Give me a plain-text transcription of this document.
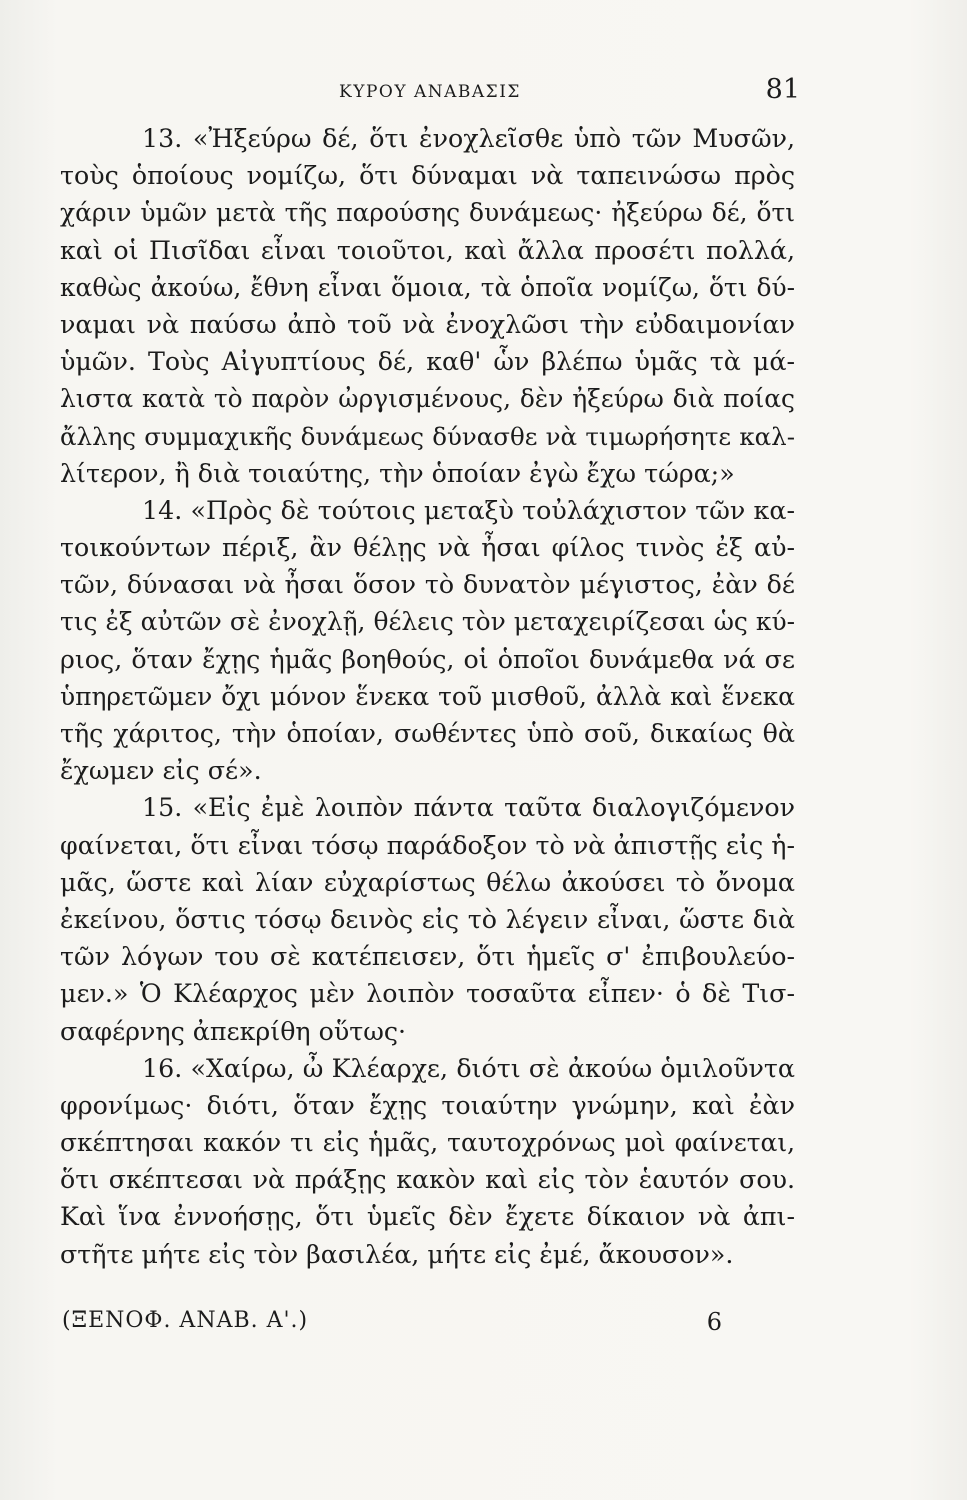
ΚΥΡΟΥ ΑΝΑΒΑΣΙΣ	81
13. «Ἠξεύρω δέ, ὅτι ἐνοχλεῖσθε ὑπὸ τῶν Μυσῶν,
τοὺς ὁποίους νομίζω, ὅτι δύναμαι νὰ ταπεινώσω πρὸς
χάριν ὑμῶν μετὰ τῆς παρούσης δυνάμεως· ἠξεύρω δέ, ὅτι
καὶ οἱ Πισῖδαι εἶναι τοιοῦτοι, καὶ ἄλλα προσέτι πολλά,
καθὼς ἀκούω, ἔθνη εἶναι ὅμοια, τὰ ὁποῖα νομίζω, ὅτι δύ-
ναμαι νὰ παύσω ἀπὸ τοῦ νὰ ἐνοχλῶσι τὴν εὐδαιμονίαν
ὑμῶν. Τοὺς Αἰγυπτίους δέ, καθ' ὧν βλέπω ὑμᾶς τὰ μά-
λιστα κατὰ τὸ παρὸν ὠργισμένους, δὲν ἠξεύρω διὰ ποίας
ἄλλης συμμαχικῆς δυνάμεως δύνασθε νὰ τιμωρήσητε καλ-
λίτερον, ἢ διὰ τοιαύτης, τὴν ὁποίαν ἐγὼ ἔχω τώρα;»
14. «Πρὸς δὲ τούτοις μεταξὺ τοὐλάχιστον τῶν κα-
τοικούντων πέριξ, ἂν θέλῃς νὰ ἦσαι φίλος τινὸς ἐξ αὐ-
τῶν, δύνασαι νὰ ἦσαι ὅσον τὸ δυνατὸν μέγιστος, ἐὰν δέ
τις ἐξ αὐτῶν σὲ ἐνοχλῇ, θέλεις τὸν μεταχειρίζεσαι ὡς κύ-
ριος, ὅταν ἔχῃς ἡμᾶς βοηθούς, οἱ ὁποῖοι δυνάμεθα νά σε
ὑπηρετῶμεν ὄχι μόνον ἕνεκα τοῦ μισθοῦ, ἀλλὰ καὶ ἕνεκα
τῆς χάριτος, τὴν ὁποίαν, σωθέντες ὑπὸ σοῦ, δικαίως θὰ
ἔχωμεν εἰς σέ».
15. «Εἰς ἐμὲ λοιπὸν πάντα ταῦτα διαλογιζόμενον
φαίνεται, ὅτι εἶναι τόσῳ παράδοξον τὸ νὰ ἀπιστῇς εἰς ἡ-
μᾶς, ὥστε καὶ λίαν εὐχαρίστως θέλω ἀκούσει τὸ ὄνομα
ἐκείνου, ὅστις τόσῳ δεινὸς εἰς τὸ λέγειν εἶναι, ὥστε διὰ
τῶν λόγων του σὲ κατέπεισεν, ὅτι ἡμεῖς σ' ἐπιβουλεύο-
μεν.» Ὁ Κλέαρχος μὲν λοιπὸν τοσαῦτα εἶπεν· ὁ δὲ Τισ-
σαφέρνης ἀπεκρίθη οὕτως·
16. «Χαίρω, ὦ Κλέαρχε, διότι σὲ ἀκούω ὁμιλοῦντα
φρονίμως· διότι, ὅταν ἔχῃς τοιαύτην γνώμην, καὶ ἐὰν
σκέπτησαι κακόν τι εἰς ἡμᾶς, ταυτοχρόνως μοὶ φαίνεται,
ὅτι σκέπτεσαι νὰ πράξῃς κακὸν καὶ εἰς τὸν ἑαυτόν σου.
Καὶ ἵνα ἐννοήσῃς, ὅτι ὑμεῖς δὲν ἔχετε δίκαιον νὰ ἀπι-
στῆτε μήτε εἰς τὸν βασιλέα, μήτε εἰς ἐμέ, ἄκουσον».
(ΞΕΝΟΦ. ΑΝΑΒ. Α'.)	6
